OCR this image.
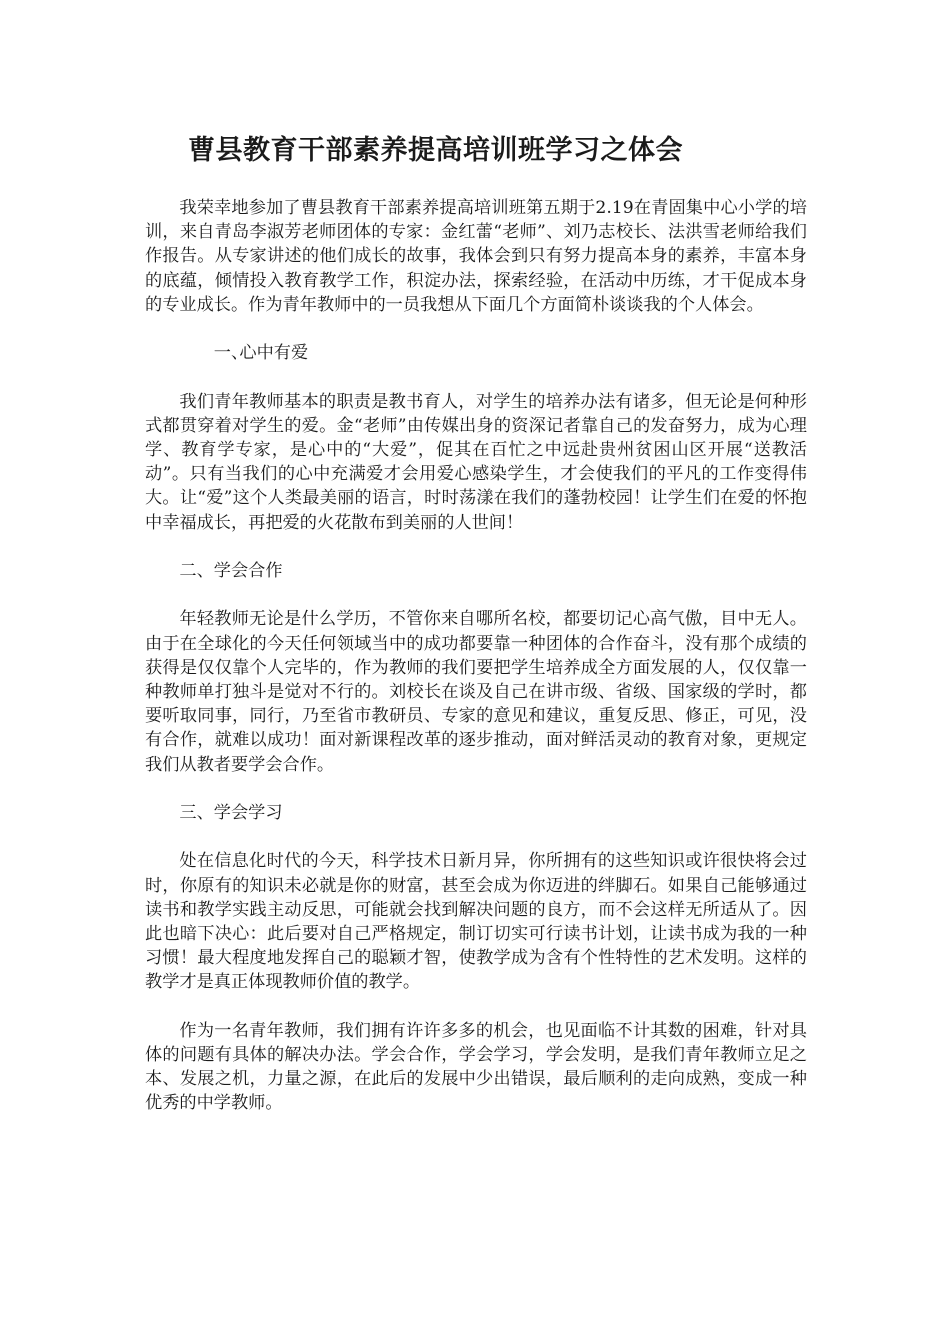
曹县教育干部素养提高培训班学习之体会

我荣幸地参加了曹县教育干部素养提高培训班第五期于2.19在青固集中心小学的培训，来自青岛李淑芳老师团体的专家：金红蕾“老师”、刘乃志校长、法洪雪老师给我们作报告。从专家讲述的他们成长的故事，我体会到只有努力提高本身的素养，丰富本身的底蕴，倾情投入教育教学工作，积淀办法，探索经验，在活动中历练，才干促成本身的专业成长。作为青年教师中的一员我想从下面几个方面简朴谈谈我的个人体会。

一、心中有爱

我们青年教师基本的职责是教书育人，对学生的培养办法有诸多，但无论是何种形式都贯穿着对学生的爱。金“老师”由传媒出身的资深记者靠自己的发奋努力，成为心理学、教育学专家，是心中的“大爱”，促其在百忙之中远赴贵州贫困山区开展“送教活动”。只有当我们的心中充满爱才会用爱心感染学生，才会使我们的平凡的工作变得伟大。让“爱”这个人类最美丽的语言，时时荡漾在我们的蓬勃校园！让学生们在爱的怀抱中幸福成长，再把爱的火花散布到美丽的人世间！

二、学会合作

年轻教师无论是什么学历，不管你来自哪所名校，都要切记心高气傲，目中无人。由于在全球化的今天任何领域当中的成功都要靠一种团体的合作奋斗，没有那个成绩的获得是仅仅靠个人完毕的，作为教师的我们要把学生培养成全方面发展的人，仅仅靠一种教师单打独斗是觉对不行的。刘校长在谈及自己在讲市级、省级、国家级的学时，都要听取同事，同行，乃至省市教研员、专家的意见和建议，重复反思、修正，可见，没有合作，就难以成功！面对新课程改革的逐步推动，面对鲜活灵动的教育对象，更规定我们从教者要学会合作。

三、学会学习

处在信息化时代的今天，科学技术日新月异，你所拥有的这些知识或许很快将会过时，你原有的知识未必就是你的财富，甚至会成为你迈进的绊脚石。如果自己能够通过读书和教学实践主动反思，可能就会找到解决问题的良方，而不会这样无所适从了。因此也暗下决心：此后要对自己严格规定，制订切实可行读书计划，让读书成为我的一种习惯！最大程度地发挥自己的聪颖才智，使教学成为含有个性特性的艺术发明。这样的教学才是真正体现教师价值的教学。

作为一名青年教师，我们拥有许许多多的机会，也见面临不计其数的困难，针对具体的问题有具体的解决办法。学会合作，学会学习，学会发明，是我们青年教师立足之本、发展之机，力量之源，在此后的发展中少出错误，最后顺利的走向成熟，变成一种优秀的中学教师。
